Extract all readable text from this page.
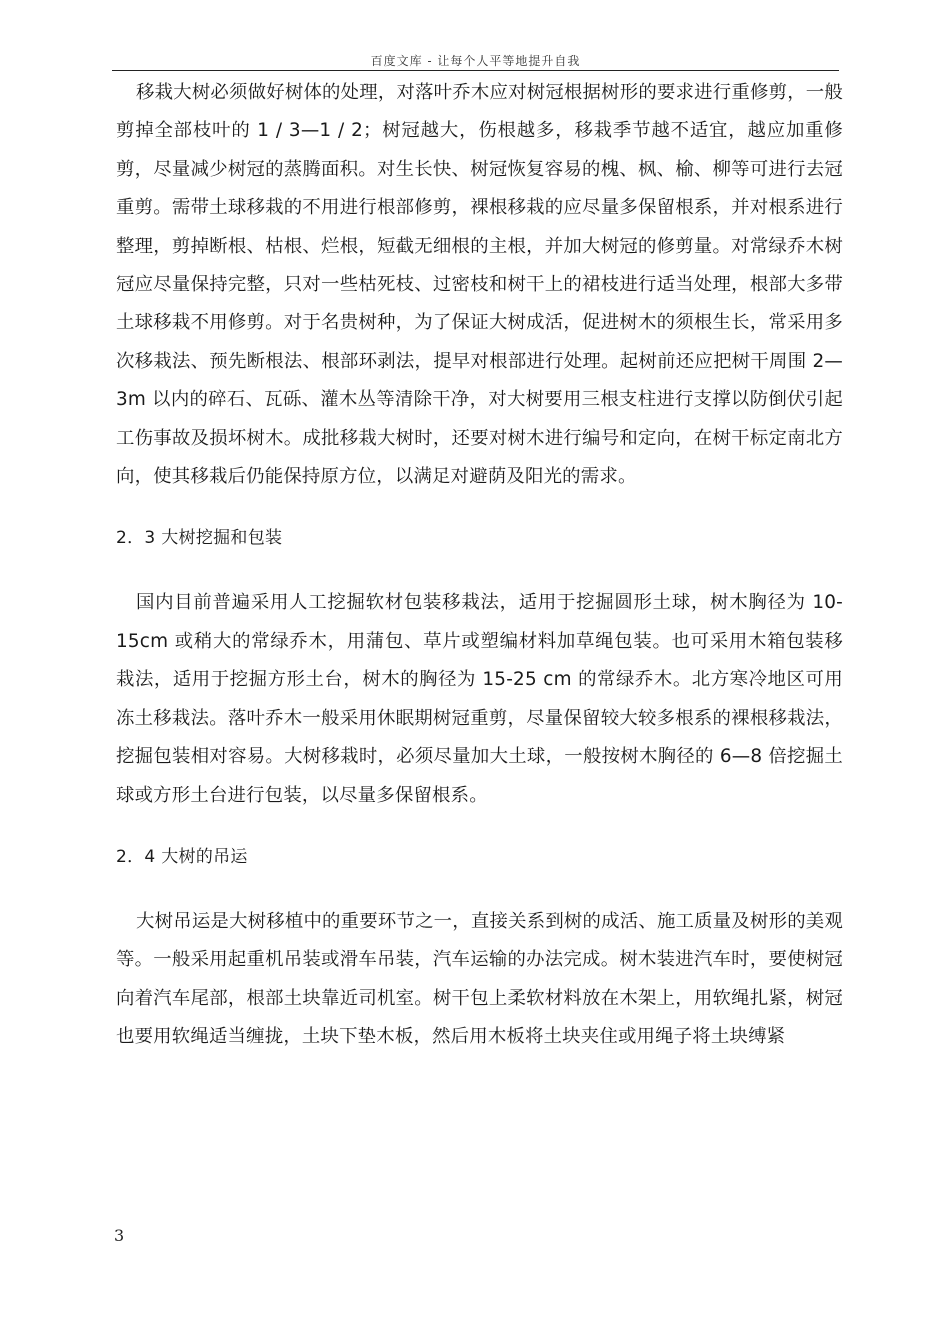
百度文库 - 让每个人平等地提升自我

移栽大树必须做好树体的处理，对落叶乔木应对树冠根据树形的要求进行重修剪，一般剪掉全部枝叶的 1 / 3—1 / 2；树冠越大，伤根越多，移栽季节越不适宜，越应加重修剪，尽量减少树冠的蒸腾面积。对生长快、树冠恢复容易的槐、枫、榆、柳等可进行去冠重剪。需带土球移栽的不用进行根部修剪，裸根移栽的应尽量多保留根系，并对根系进行整理，剪掉断根、枯根、烂根，短截无细根的主根，并加大树冠的修剪量。对常绿乔木树冠应尽量保持完整，只对一些枯死枝、过密枝和树干上的裙枝进行适当处理，根部大多带土球移栽不用修剪。对于名贵树种，为了保证大树成活，促进树木的须根生长，常采用多次移栽法、预先断根法、根部环剥法，提早对根部进行处理。起树前还应把树干周围 2—3m 以内的碎石、瓦砾、灌木丛等清除干净，对大树要用三根支柱进行支撑以防倒伏引起工伤事故及损坏树木。成批移栽大树时，还要对树木进行编号和定向，在树干标定南北方向，使其移栽后仍能保持原方位，以满足对避荫及阳光的需求。

2．3 大树挖掘和包装

国内目前普遍采用人工挖掘软材包装移栽法，适用于挖掘圆形土球，树木胸径为 10-15cm 或稍大的常绿乔木，用蒲包、草片或塑编材料加草绳包装。也可采用木箱包装移栽法，适用于挖掘方形土台，树木的胸径为 15-25 cm 的常绿乔木。北方寒冷地区可用冻土移栽法。落叶乔木一般采用休眠期树冠重剪，尽量保留较大较多根系的裸根移栽法，挖掘包装相对容易。大树移栽时，必须尽量加大土球，一般按树木胸径的 6—8 倍挖掘土球或方形土台进行包装，以尽量多保留根系。

2．4 大树的吊运

大树吊运是大树移植中的重要环节之一，直接关系到树的成活、施工质量及树形的美观等。一般采用起重机吊装或滑车吊装，汽车运输的办法完成。树木装进汽车时，要使树冠向着汽车尾部，根部土块靠近司机室。树干包上柔软材料放在木架上，用软绳扎紧，树冠也要用软绳适当缠拢，土块下垫木板，然后用木板将土块夹住或用绳子将土块缚紧

3
